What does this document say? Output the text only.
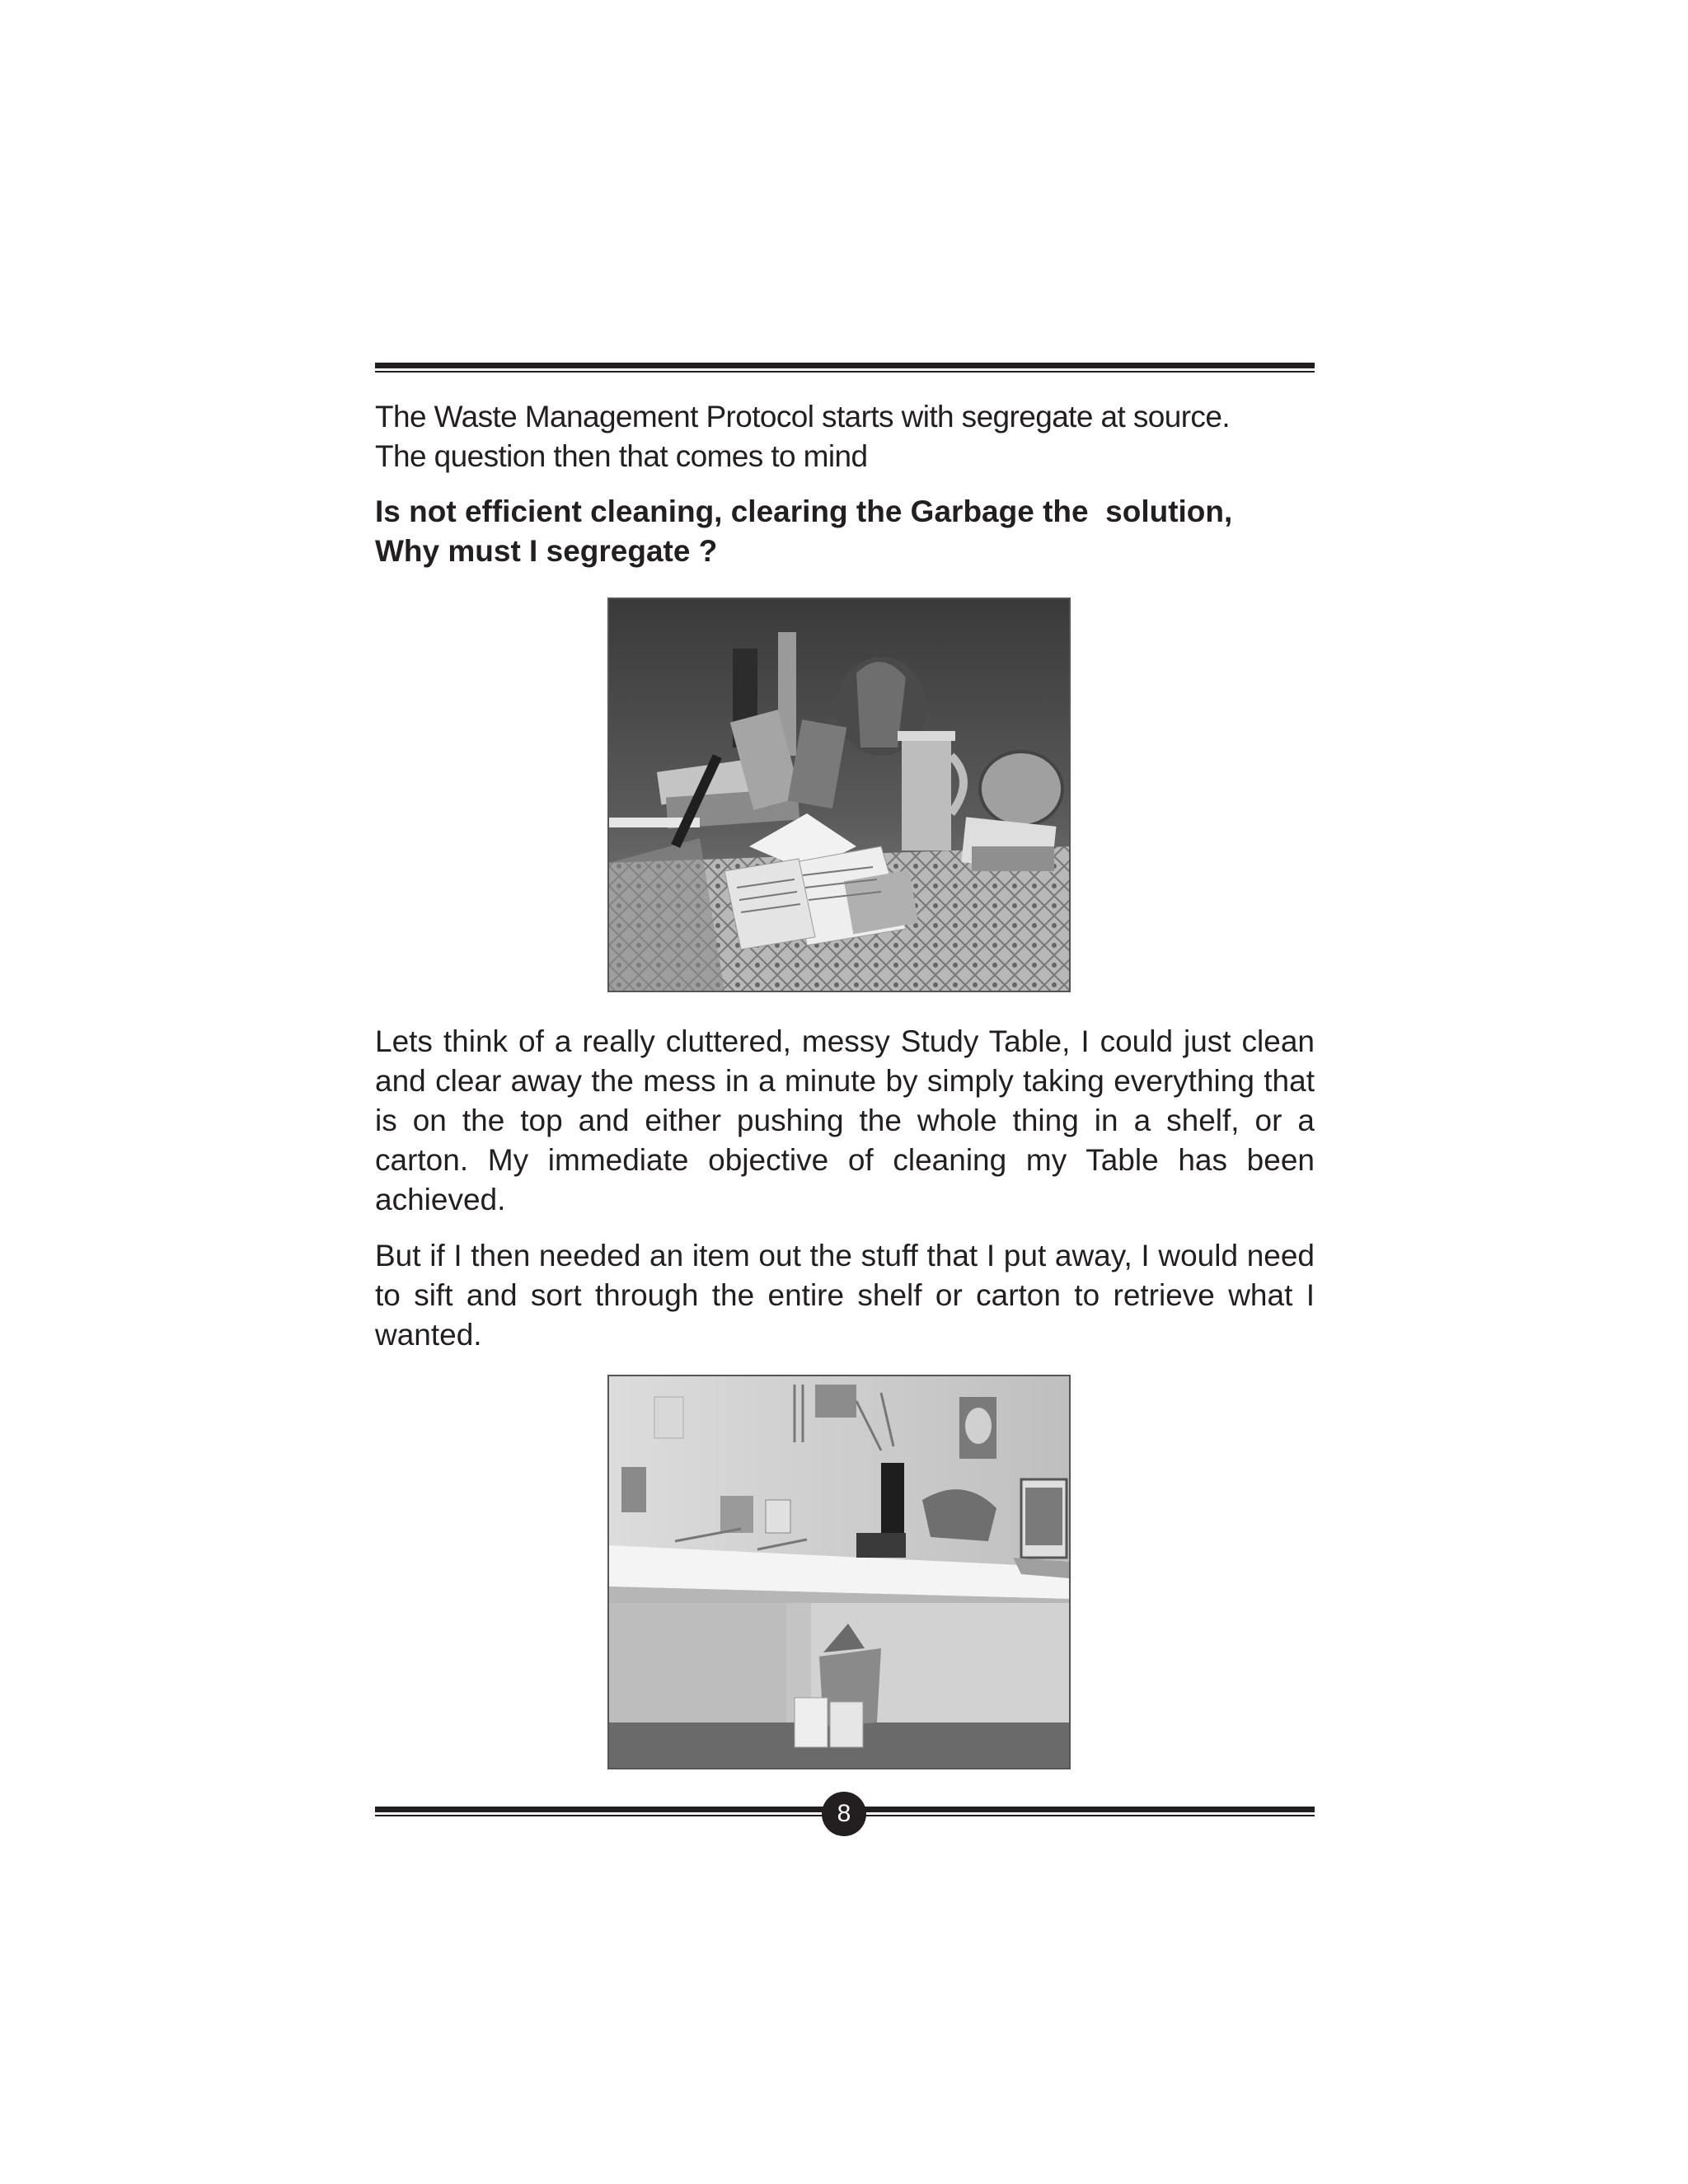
The Waste Management Protocol starts with segregate at source.
The question then that comes to mind
Is not efficient cleaning, clearing the Garbage the  solution,
Why must I segregate ?
Lets think of a really cluttered, messy Study Table, I could just clean and clear away the mess in a minute by simply taking everything that is on the top and either pushing the whole thing in a shelf, or a carton. My immediate objective of cleaning my Table has been achieved.
But if I then needed an item out the stuff that I put away, I would need to sift and sort through the entire shelf or carton to retrieve what I wanted.
8
